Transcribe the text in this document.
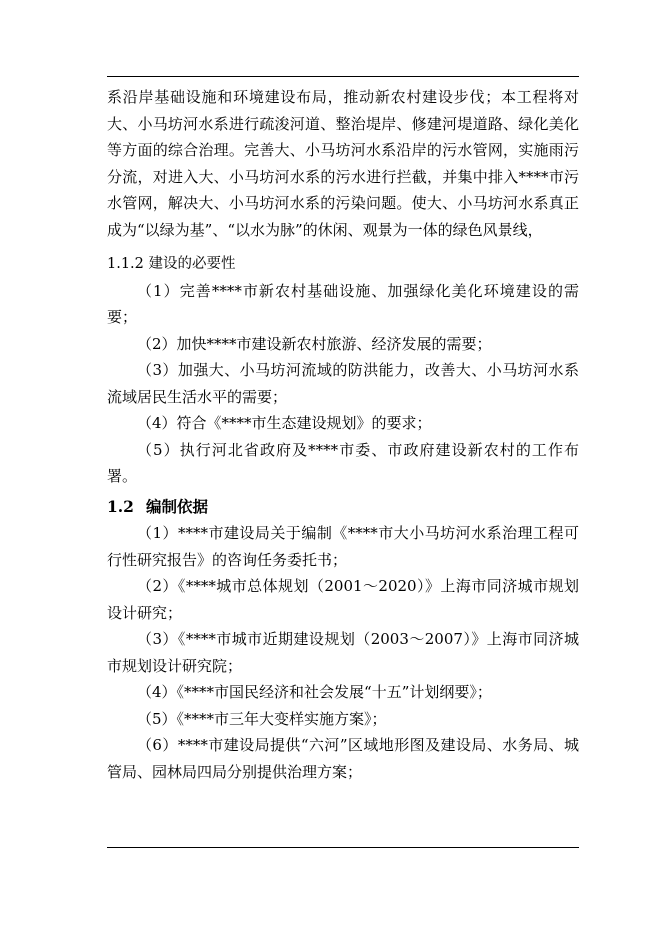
系沿岸基础设施和环境建设布局，推动新农村建设步伐；本工程将对大、小马坊河水系进行疏浚河道、整治堤岸、修建河堤道路、绿化美化等方面的综合治理。完善大、小马坊河水系沿岸的污水管网，实施雨污分流，对进入大、小马坊河水系的污水进行拦截，并集中排入****市污水管网，解决大、小马坊河水系的污染问题。使大、小马坊河水系真正成为“以绿为基”、“以水为脉”的休闲、观景为一体的绿色风景线，

1.1.2 建设的必要性

（1）完善****市新农村基础设施、加强绿化美化环境建设的需要；

（2）加快****市建设新农村旅游、经济发展的需要；

（3）加强大、小马坊河流域的防洪能力，改善大、小马坊河水系流域居民生活水平的需要；

（4）符合《****市生态建设规划》的要求；

（5）执行河北省政府及****市委、市政府建设新农村的工作布署。

1.2 编制依据

（1）****市建设局关于编制《****市大小马坊河水系治理工程可行性研究报告》的咨询任务委托书；

（2）《****城市总体规划（2001～2020）》上海市同济城市规划设计研究；

（3）《****市城市近期建设规划（2003～2007）》上海市同济城市规划设计研究院；

（4）《****市国民经济和社会发展“十五”计划纲要》；

（5）《****市三年大变样实施方案》；

（6）****市建设局提供“六河”区域地形图及建设局、水务局、城管局、园林局四局分别提供治理方案；
